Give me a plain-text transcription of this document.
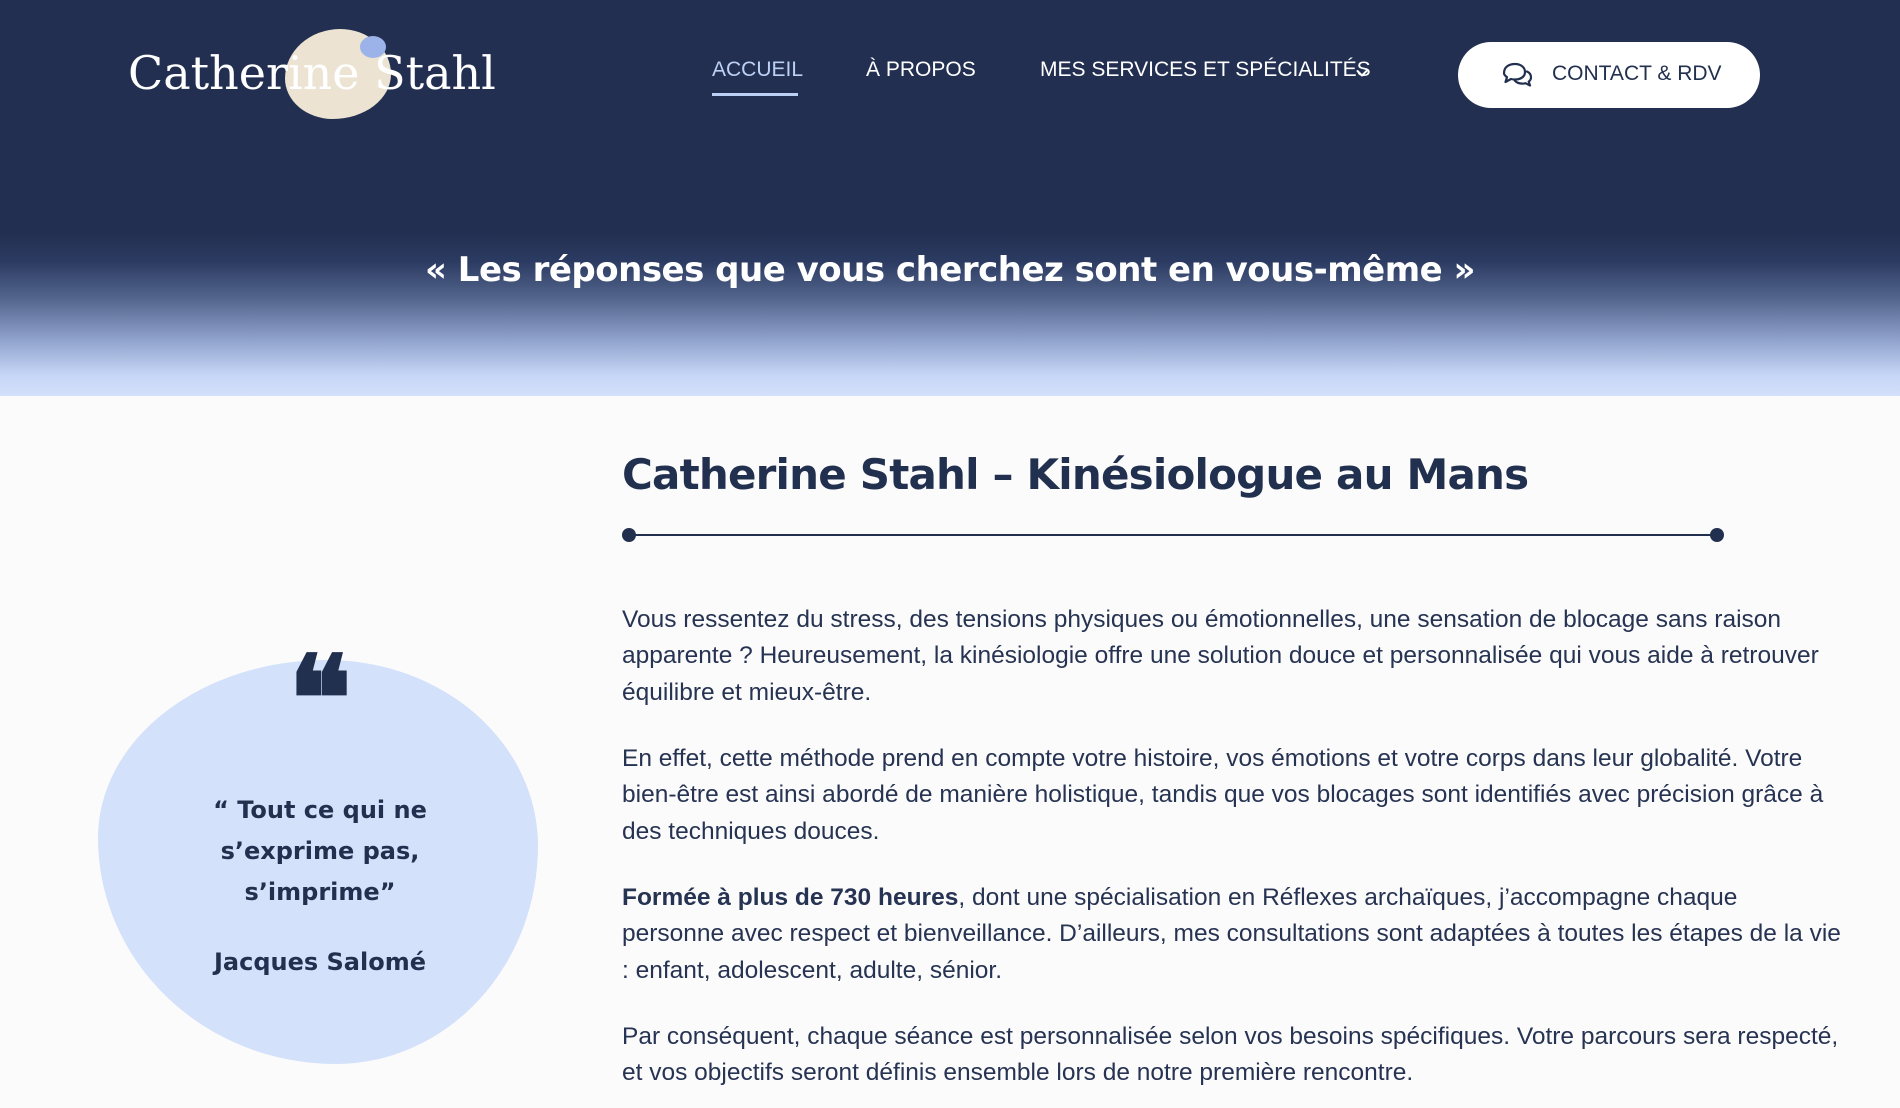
Catherine Stahl	ACCUEIL	À PROPOS	MES SERVICES ET SPÉCIALITÉS	CONTACT & RDV
« Les réponses que vous cherchez sont en vous-même »
❝

“ Tout ce qui ne s’exprime pas, s’imprime”

Jacques Salomé

Catherine Stahl – Kinésiologue au Mans

Vous ressentez du stress, des tensions physiques ou émotionnelles, une sensation de blocage sans raison apparente ? Heureusement, la kinésiologie offre une solution douce et personnalisée qui vous aide à retrouver équilibre et mieux-être.

En effet, cette méthode prend en compte votre histoire, vos émotions et votre corps dans leur globalité. Votre bien-être est ainsi abordé de manière holistique, tandis que vos blocages sont identifiés avec précision grâce à des techniques douces.

Formée à plus de 730 heures, dont une spécialisation en Réflexes archaïques, j’accompagne chaque personne avec respect et bienveillance. D’ailleurs, mes consultations sont adaptées à toutes les étapes de la vie : enfant, adolescent, adulte, sénior.

Par conséquent, chaque séance est personnalisée selon vos besoins spécifiques. Votre parcours sera respecté, et vos objectifs seront définis ensemble lors de notre première rencontre.
